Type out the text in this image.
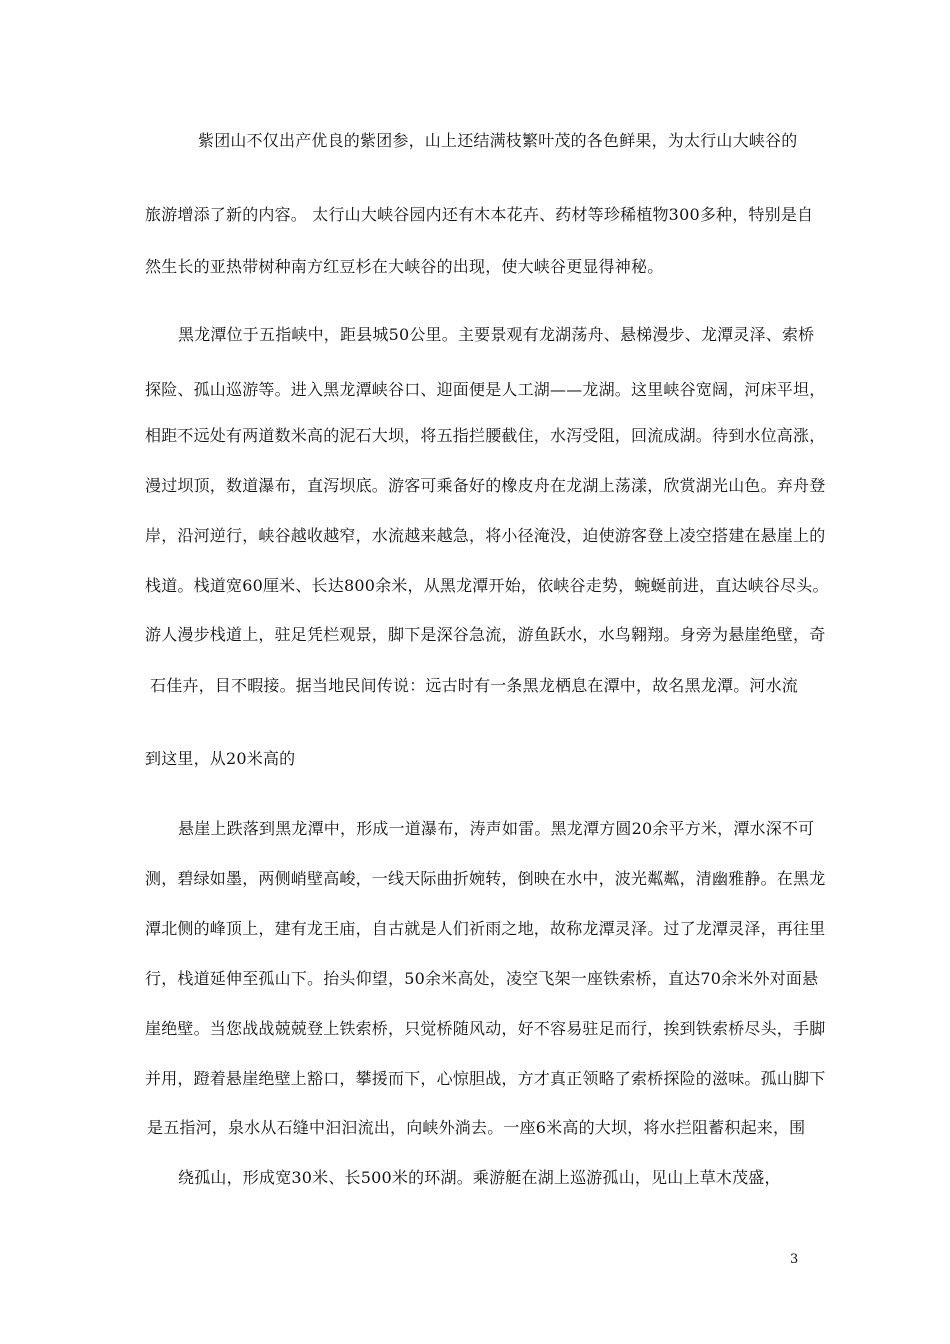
紫团山不仅出产优良的紫团参，山上还结满枝繁叶茂的各色鲜果，为太行山大峡谷的
旅游增添了新的内容。 太行山大峡谷园内还有木本花卉、药材等珍稀植物300多种，特别是自
然生长的亚热带树种南方红豆杉在大峡谷的出现，使大峡谷更显得神秘。
黑龙潭位于五指峡中，距县城50公里。主要景观有龙湖荡舟、悬梯漫步、龙潭灵泽、索桥
探险、孤山巡游等。进入黑龙潭峡谷口、迎面便是人工湖——龙湖。这里峡谷宽阔，河床平坦，
相距不远处有两道数米高的泥石大坝，将五指拦腰截住，水泻受阻，回流成湖。待到水位高涨，
漫过坝顶，数道瀑布，直泻坝底。游客可乘备好的橡皮舟在龙湖上荡漾，欣赏湖光山色。弃舟登
岸，沿河逆行，峡谷越收越窄，水流越来越急，将小径淹没，迫使游客登上凌空搭建在悬崖上的
栈道。栈道宽60厘米、长达800余米，从黑龙潭开始，依峡谷走势，蜿蜒前进，直达峡谷尽头。
游人漫步栈道上，驻足凭栏观景，脚下是深谷急流，游鱼跃水，水鸟翱翔。身旁为悬崖绝壁，奇
石佳卉，目不暇接。据当地民间传说：远古时有一条黑龙栖息在潭中，故名黑龙潭。河水流
到这里，从20米高的
悬崖上跌落到黑龙潭中，形成一道瀑布，涛声如雷。黑龙潭方圆20余平方米，潭水深不可
测，碧绿如墨，两侧峭壁高峻，一线天际曲折婉转，倒映在水中，波光粼粼，清幽雅静。在黑龙
潭北侧的峰顶上，建有龙王庙，自古就是人们祈雨之地，故称龙潭灵泽。过了龙潭灵泽，再往里
行，栈道延伸至孤山下。抬头仰望，50余米高处，凌空飞架一座铁索桥，直达70余米外对面悬
崖绝壁。当您战战兢兢登上铁索桥，只觉桥随风动，好不容易驻足而行，挨到铁索桥尽头，手脚
并用，蹬着悬崖绝壁上豁口，攀援而下，心惊胆战，方才真正领略了索桥探险的滋味。孤山脚下
是五指河，泉水从石缝中汩汩流出，向峡外淌去。一座6米高的大坝，将水拦阻蓄积起来，围
绕孤山，形成宽30米、长500米的环湖。乘游艇在湖上巡游孤山，见山上草木茂盛，
3
